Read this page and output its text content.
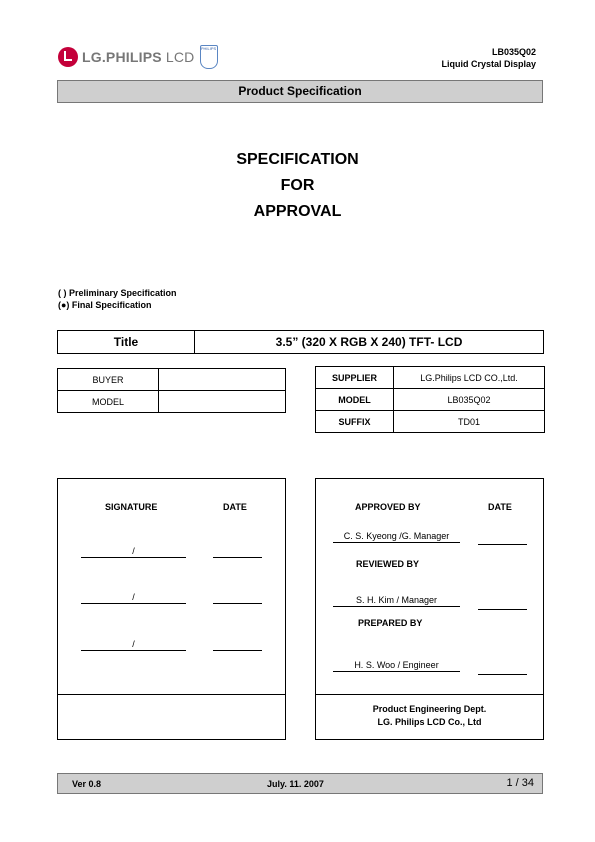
LG.PHILIPS LCD
PHILIPS	LB035Q02
Liquid Crystal Display
Product Specification
SPECIFICATION
FOR
APPROVAL
( ) Preliminary Specification
(●) Final Specification
Title	3.5” (320 X RGB X 240) TFT- LCD
BUYER	
MODEL	
SUPPLIER	LG.Philips LCD CO.,Ltd.
MODEL	LB035Q02
SUFFIX	TD01
SIGNATURE	DATE
/
/
/
APPROVED BY	DATE
C. S. Kyeong /G. Manager
REVIEWED BY
S. H. Kim / Manager
PREPARED BY
H. S. Woo / Engineer
Product Engineering Dept.
LG. Philips LCD Co., Ltd
Ver 0.8	July. 11. 2007	1 / 34
